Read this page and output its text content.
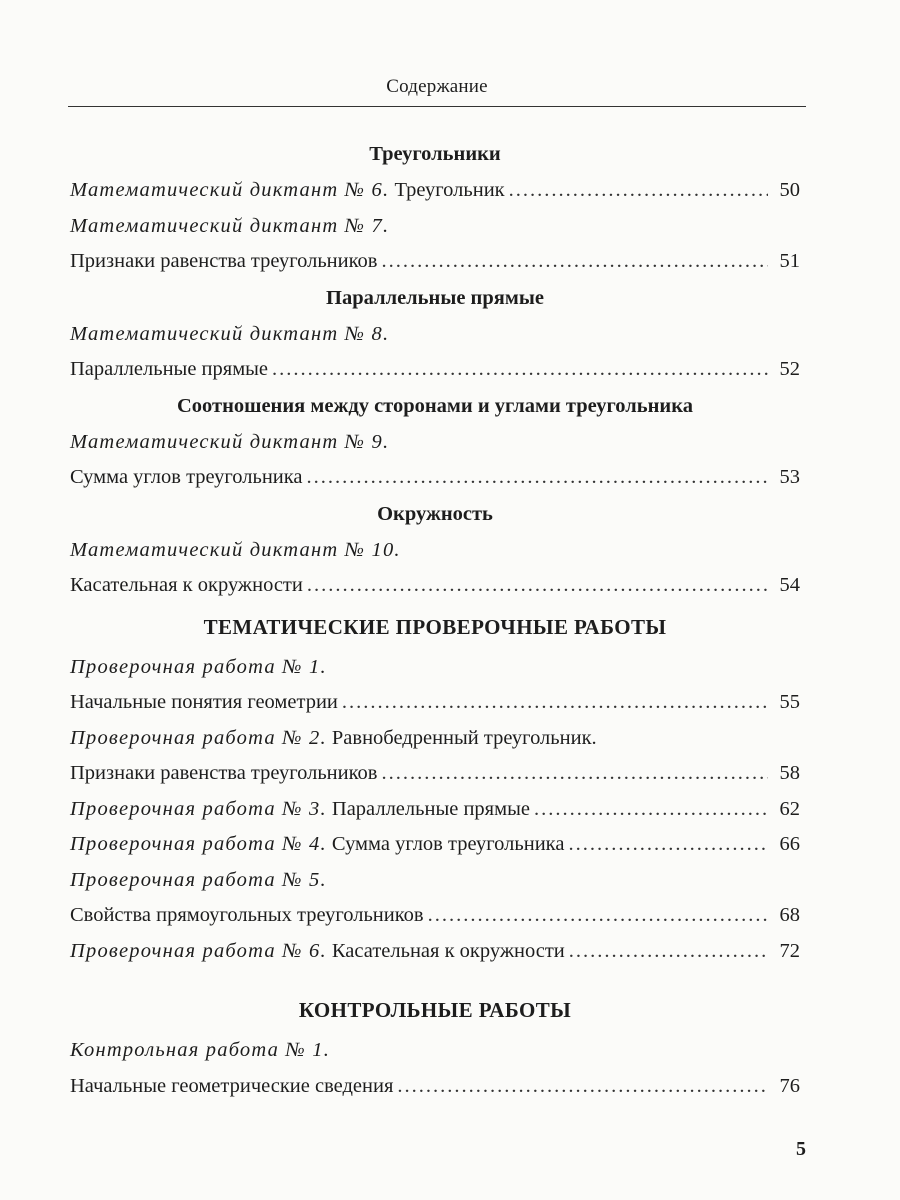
Содержание
Треугольники
Математический диктант № 6. Треугольник .....	50
Математический диктант № 7.
Признаки равенства треугольников .....	51
Параллельные прямые
Математический диктант № 8.
Параллельные прямые .....	52
Соотношения между сторонами и углами треугольника
Математический диктант № 9.
Сумма углов треугольника .....	53
Окружность
Математический диктант № 10.
Касательная к окружности .....	54
ТЕМАТИЧЕСКИЕ ПРОВЕРОЧНЫЕ РАБОТЫ
Проверочная работа № 1.
Начальные понятия геометрии .....	55
Проверочная работа № 2. Равнобедренный треугольник.
Признаки равенства треугольников .....	58
Проверочная работа № 3. Параллельные прямые .....	62
Проверочная работа № 4. Сумма углов треугольника .....	66
Проверочная работа № 5.
Свойства прямоугольных треугольников .....	68
Проверочная работа № 6. Касательная к окружности .....	72
КОНТРОЛЬНЫЕ РАБОТЫ
Контрольная работа № 1.
Начальные геометрические сведения .....	76
5
